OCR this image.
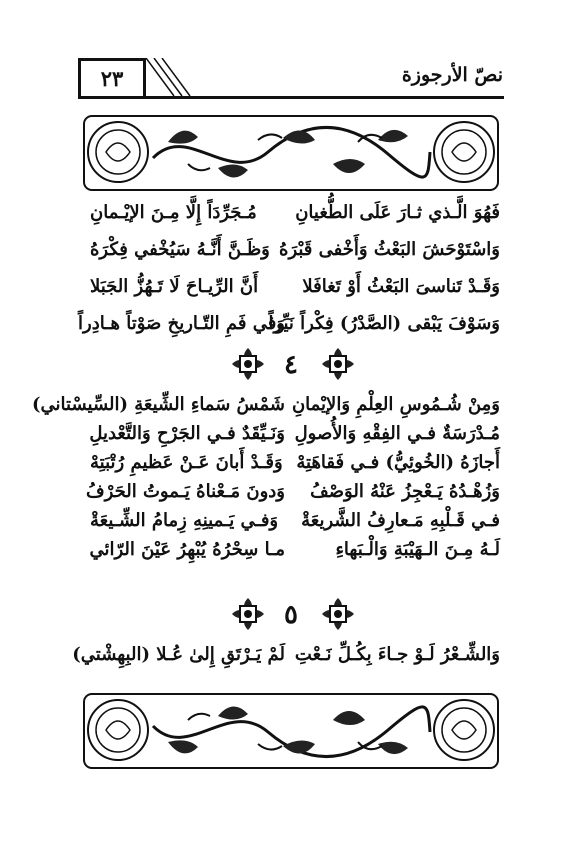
٢٣	نصّ الأرجوزة
فَهُوَ الَّـذي ثـارَ عَلَى الطُّغيانِ
مُـجَرِّدَاً إِلَّا مِـنَ الإيْـمانِ
وَاسْتَوْحَشَ البَعْثُ وَأَخْفى قَبْرَهُ
وَظَـنَّ أَنَّـهُ سَيُخْفي فِكْرَهُ
وَقَـدْ تَناسىَ البَعْثُ أَوْ تَغافَلا
أَنَّ الرِّيـاحَ لَا تَـهُزُّ الجَبَلا
وَسَوْفَ يَبْقى (الصَّدْرُ) فِكْراً نَيِّراً
وَفي فَمِ التّـاريخِ صَوْتاً هـادِراً
٤
وَمِنْ شُـمُوسِ العِلْمِ وَالإيْمانِ
شَمْسُ سَماءِ الشِّيعَةِ (السِّيسْتاني)
مُـدْرَسَةٌ فـي الفِقْهِ وَالأُصولِ
وَنَـيِّقَدٌ فـي الجَرْحِ وَالتَّعْديلِ
أَجازَهُ (الخُوئِيُّ) فـي فَقاهَتِهْ
وَقَـدْ أَبانَ عَـنْ عَظيمِ رُتْبَتِهْ
وَزُهْـدُهُ يَـعْجِزُ عَنْهُ الوَصْفُ
وَدونَ مَـعْناهُ يَـموتُ الحَرْفُ
فـي قَـلْبِهِ مَـعارِفُ الشَّريعَةْ
وَفـي يَـمينِهِ زِمامُ الشِّـيعَةْ
لَـهُ مِـنَ الـهَيْبَةِ وَالْـبَهاءِ
مـا سِحْرُهُ يُبْهِرُ عَيْنَ الرّائي
٥
وَالشِّـعْرُ لَـوْ جـاءَ بِكُـلِّ نَـعْتِ
لَمْ يَـرْتَقِ إِلىٰ عُـلا (البِهِشْتي)
